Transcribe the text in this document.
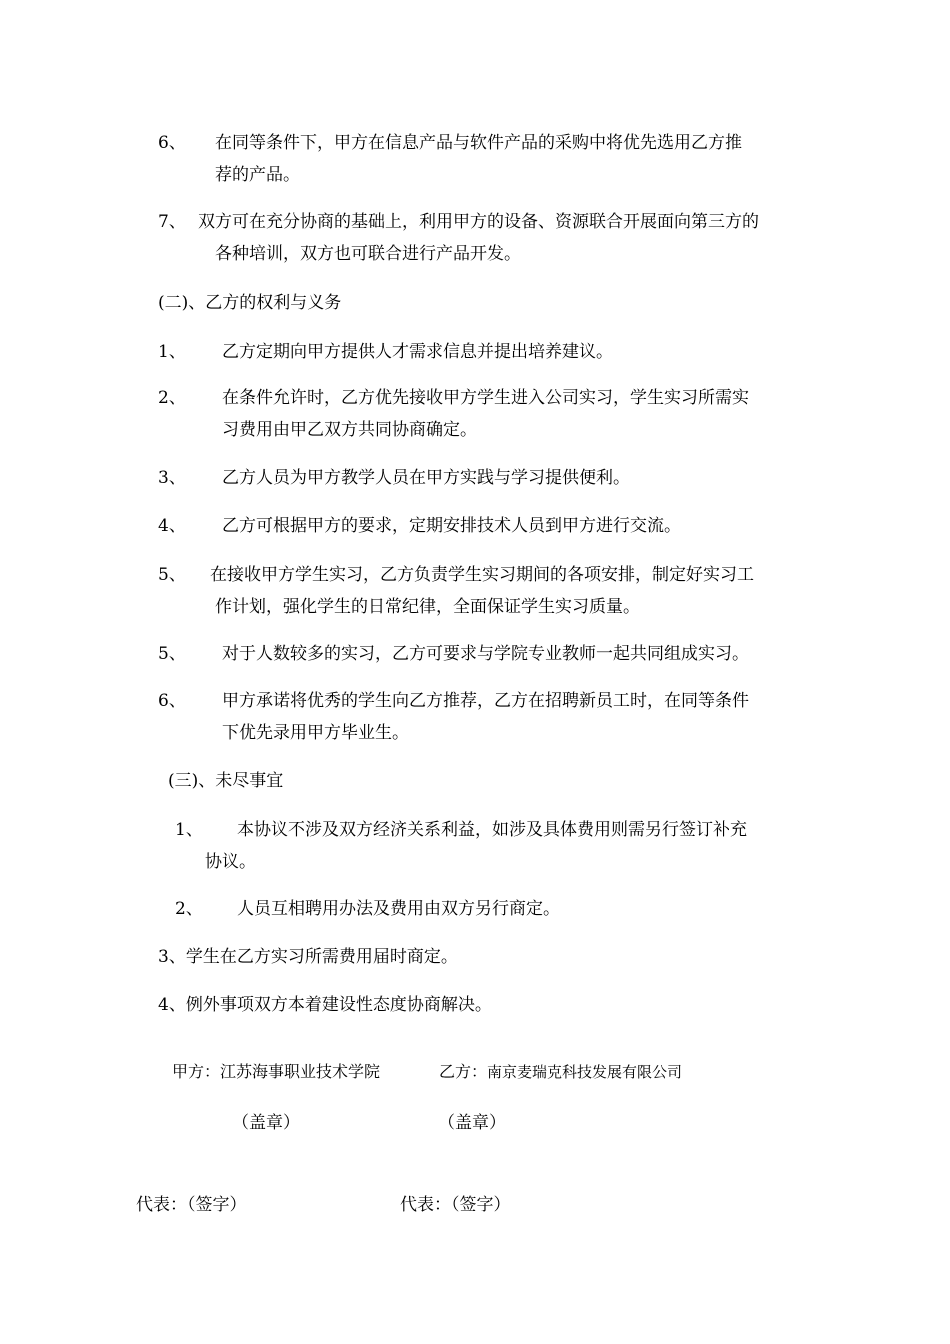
6、 在同等条件下，甲方在信息产品与软件产品的采购中将优先选用乙方推
荐的产品。
7、 双方可在充分协商的基础上，利用甲方的设备、资源联合开展面向第三方的
各种培训，双方也可联合进行产品开发。
(二)、乙方的权利与义务
1、 乙方定期向甲方提供人才需求信息并提出培养建议。
2、 在条件允许时，乙方优先接收甲方学生进入公司实习，学生实习所需实
习费用由甲乙双方共同协商确定。
3、 乙方人员为甲方教学人员在甲方实践与学习提供便利。
4、 乙方可根据甲方的要求，定期安排技术人员到甲方进行交流。
5、 在接收甲方学生实习，乙方负责学生实习期间的各项安排，制定好实习工
作计划，强化学生的日常纪律，全面保证学生实习质量。
5、 对于人数较多的实习，乙方可要求与学院专业教师一起共同组成实习。
6、 甲方承诺将优秀的学生向乙方推荐，乙方在招聘新员工时，在同等条件
下优先录用甲方毕业生。
(三)、未尽事宜
1、 本协议不涉及双方经济关系利益，如涉及具体费用则需另行签订补充
协议。
2、 人员互相聘用办法及费用由双方另行商定。
3、学生在乙方实习所需费用届时商定。
4、例外事项双方本着建设性态度协商解决。
甲方：江苏海事职业技术学院	乙方： 南京麦瑞克科技发展有限公司
（盖章）	（盖章）
代表：（签字）	代表：（签字）
